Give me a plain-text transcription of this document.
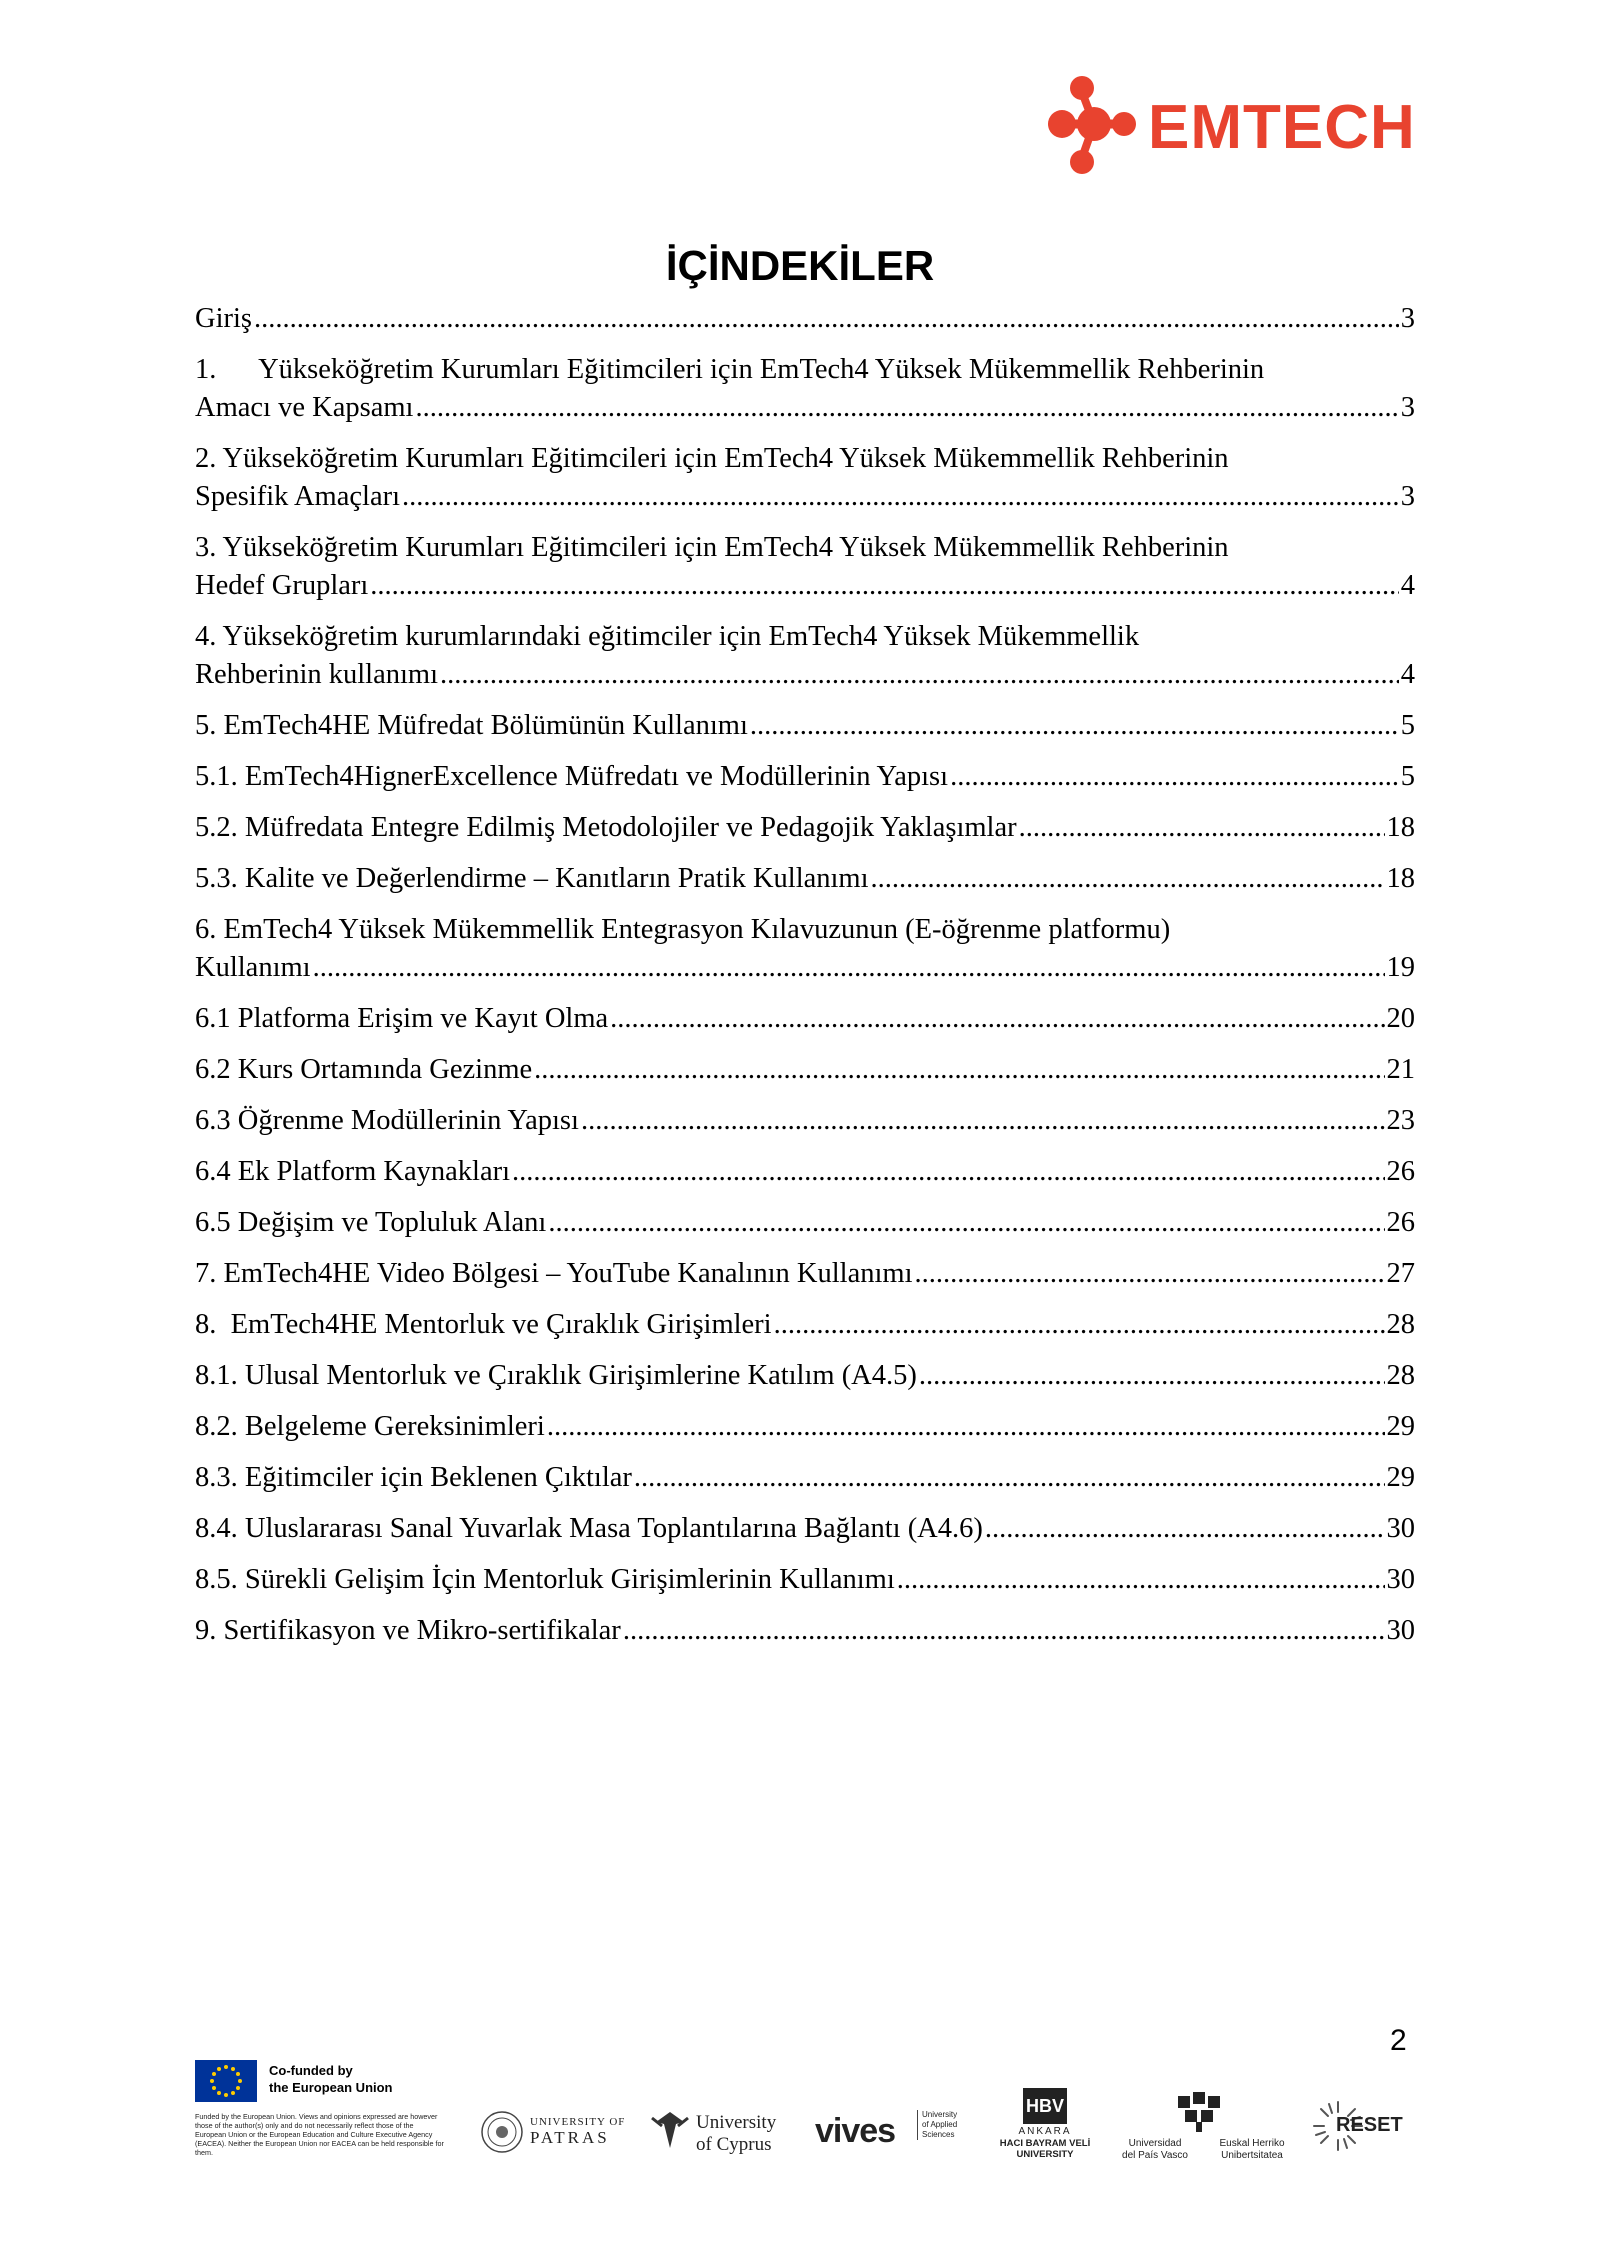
EMTECH
İÇİNDEKİLER
Giriş .....	3
1.      Yükseköğretim Kurumları Eğitimcileri için EmTech4 Yüksek Mükemmellik Rehberinin
Amacı ve Kapsamı .....	3
2. Yükseköğretim Kurumları Eğitimcileri için EmTech4 Yüksek Mükemmellik Rehberinin
Spesifik Amaçları .....	3
3. Yükseköğretim Kurumları Eğitimcileri için EmTech4 Yüksek Mükemmellik Rehberinin
Hedef Grupları .....	4
4. Yükseköğretim kurumlarındaki eğitimciler için EmTech4 Yüksek Mükemmellik
Rehberinin kullanımı .....	4
5. EmTech4HE Müfredat Bölümünün Kullanımı .....	5
5.1. EmTech4HignerExcellence Müfredatı ve Modüllerinin Yapısı .....	5
5.2. Müfredata Entegre Edilmiş Metodolojiler ve Pedagojik Yaklaşımlar .....	18
5.3. Kalite ve Değerlendirme – Kanıtların Pratik Kullanımı .....	18
6. EmTech4 Yüksek Mükemmellik Entegrasyon Kılavuzunun (E-öğrenme platformu)
Kullanımı .....	19
6.1 Platforma Erişim ve Kayıt Olma .....	20
6.2 Kurs Ortamında Gezinme .....	21
6.3 Öğrenme Modüllerinin Yapısı .....	23
6.4 Ek Platform Kaynakları .....	26
6.5 Değişim ve Topluluk Alanı .....	26
7. EmTech4HE Video Bölgesi – YouTube Kanalının Kullanımı .....	27
8.  EmTech4HE Mentorluk ve Çıraklık Girişimleri .....	28
8.1. Ulusal Mentorluk ve Çıraklık Girişimlerine Katılım (A4.5) .....	28
8.2. Belgeleme Gereksinimleri .....	29
8.3. Eğitimciler için Beklenen Çıktılar .....	29
8.4. Uluslararası Sanal Yuvarlak Masa Toplantılarına Bağlantı (A4.6) .....	30
8.5. Sürekli Gelişim İçin Mentorluk Girişimlerinin Kullanımı .....	30
9. Sertifikasyon ve Mikro-sertifikalar .....	30
2
Co-funded by
the European Union
Funded by the European Union. Views and opinions expressed are however those of the author(s) only and do not necessarily reflect those of the European Union or the European Education and Culture Executive Agency (EACEA). Neither the European Union nor EACEA can be held responsible for them.
UNIVERSITY OF
PATRAS
University
of Cyprus vives	University of Applied Sciences
HBV
ANKARA
HACI BAYRAM VELİ
UNIVERSITY
Universidad
del País Vasco
Euskal Herriko
Unibertsitatea
RESET
